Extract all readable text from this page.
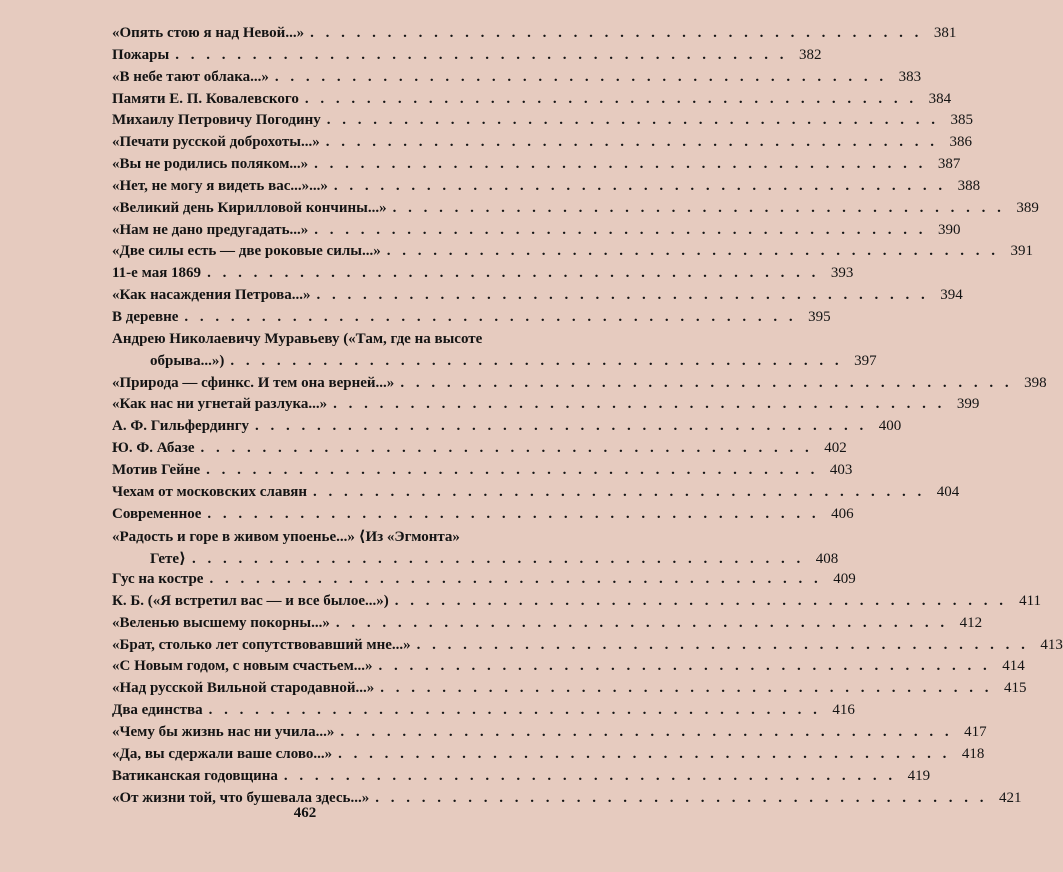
«Опять стою я над Невой...» . . . . . . . . . . . . . . . . . . . . . . . . . . . . . . . . . . . . . . . . 381
Пожары . . . . . . . . . . . . . . . . . . . . . . . . . . . . . . . . . . . . . . . . 382
«В небе тают облака...» . . . . . . . . . . . . . . . . . . . . . . . . . . . . . . . . . . . . . . . . 383
Памяти Е. П. Ковалевского . . . . . . . . . . . . . . . . . . . . . . . . . . . . . . . . . . . . . . . . 384
Михаилу Петровичу Погодину . . . . . . . . . . . . . . . . . . . . . . . . . . . . . . . . . . . . . . . . 385
«Печати русской доброхоты...» . . . . . . . . . . . . . . . . . . . . . . . . . . . . . . . . . . . . . . . . 386
«Вы не родились поляком...» . . . . . . . . . . . . . . . . . . . . . . . . . . . . . . . . . . . . . . . . 387
«Нет, не могу я видеть вас...»...» . . . . . . . . . . . . . . . . . . . . . . . . . . . . . . . . . . . . . . . . 388
«Великий день Кирилловой кончины...» . . . . . . . . . . . . . . . . . . . . . . . . . . . . . . . . . . . . . . . . 389
«Нам не дано предугадать...» . . . . . . . . . . . . . . . . . . . . . . . . . . . . . . . . . . . . . . . . 390
«Две силы есть — две роковые силы...» . . . . . . . . . . . . . . . . . . . . . . . . . . . . . . . . . . . . . . . . 391
11-е мая 1869 . . . . . . . . . . . . . . . . . . . . . . . . . . . . . . . . . . . . . . . . 393
«Как насаждения Петрова...» . . . . . . . . . . . . . . . . . . . . . . . . . . . . . . . . . . . . . . . . 394
В деревне . . . . . . . . . . . . . . . . . . . . . . . . . . . . . . . . . . . . . . . . 395
Андрею Николаевичу Муравьеву («Там, где на высоте
обрыва...») . . . . . . . . . . . . . . . . . . . . . . . . . . . . . . . . . . . . . . . . 397
«Природа — сфинкс. И тем она верней...» . . . . . . . . . . . . . . . . . . . . . . . . . . . . . . . . . . . . . . . . 398
«Как нас ни угнетай разлука...» . . . . . . . . . . . . . . . . . . . . . . . . . . . . . . . . . . . . . . . . 399
А. Ф. Гильфердингу . . . . . . . . . . . . . . . . . . . . . . . . . . . . . . . . . . . . . . . . 400
Ю. Ф. Абазе . . . . . . . . . . . . . . . . . . . . . . . . . . . . . . . . . . . . . . . . 402
Мотив Гейне . . . . . . . . . . . . . . . . . . . . . . . . . . . . . . . . . . . . . . . . 403
Чехам от московских славян . . . . . . . . . . . . . . . . . . . . . . . . . . . . . . . . . . . . . . . . 404
Современное . . . . . . . . . . . . . . . . . . . . . . . . . . . . . . . . . . . . . . . . 406
«Радость и горе в живом упоенье...» ⟨Из «Эгмонта»
Гете⟩ . . . . . . . . . . . . . . . . . . . . . . . . . . . . . . . . . . . . . . . . 408
Гус на костре . . . . . . . . . . . . . . . . . . . . . . . . . . . . . . . . . . . . . . . . 409
К. Б. («Я встретил вас — и все былое...») . . . . . . . . . . . . . . . . . . . . . . . . . . . . . . . . . . . . . . . . 411
«Веленью высшему покорны...» . . . . . . . . . . . . . . . . . . . . . . . . . . . . . . . . . . . . . . . . 412
«Брат, столько лет сопутствовавший мне...» . . . . . . . . . . . . . . . . . . . . . . . . . . . . . . . . . . . . . . . . 413
«С Новым годом, с новым счастьем...» . . . . . . . . . . . . . . . . . . . . . . . . . . . . . . . . . . . . . . . . 414
«Над русской Вильной стародавной...» . . . . . . . . . . . . . . . . . . . . . . . . . . . . . . . . . . . . . . . . 415
Два единства . . . . . . . . . . . . . . . . . . . . . . . . . . . . . . . . . . . . . . . . 416
«Чему бы жизнь нас ни учила...» . . . . . . . . . . . . . . . . . . . . . . . . . . . . . . . . . . . . . . . . 417
«Да, вы сдержали ваше слово...» . . . . . . . . . . . . . . . . . . . . . . . . . . . . . . . . . . . . . . . . 418
Ватиканская годовщина . . . . . . . . . . . . . . . . . . . . . . . . . . . . . . . . . . . . . . . . 419
«От жизни той, что бушевала здесь...» . . . . . . . . . . . . . . . . . . . . . . . . . . . . . . . . . . . . . . . . 421
462
